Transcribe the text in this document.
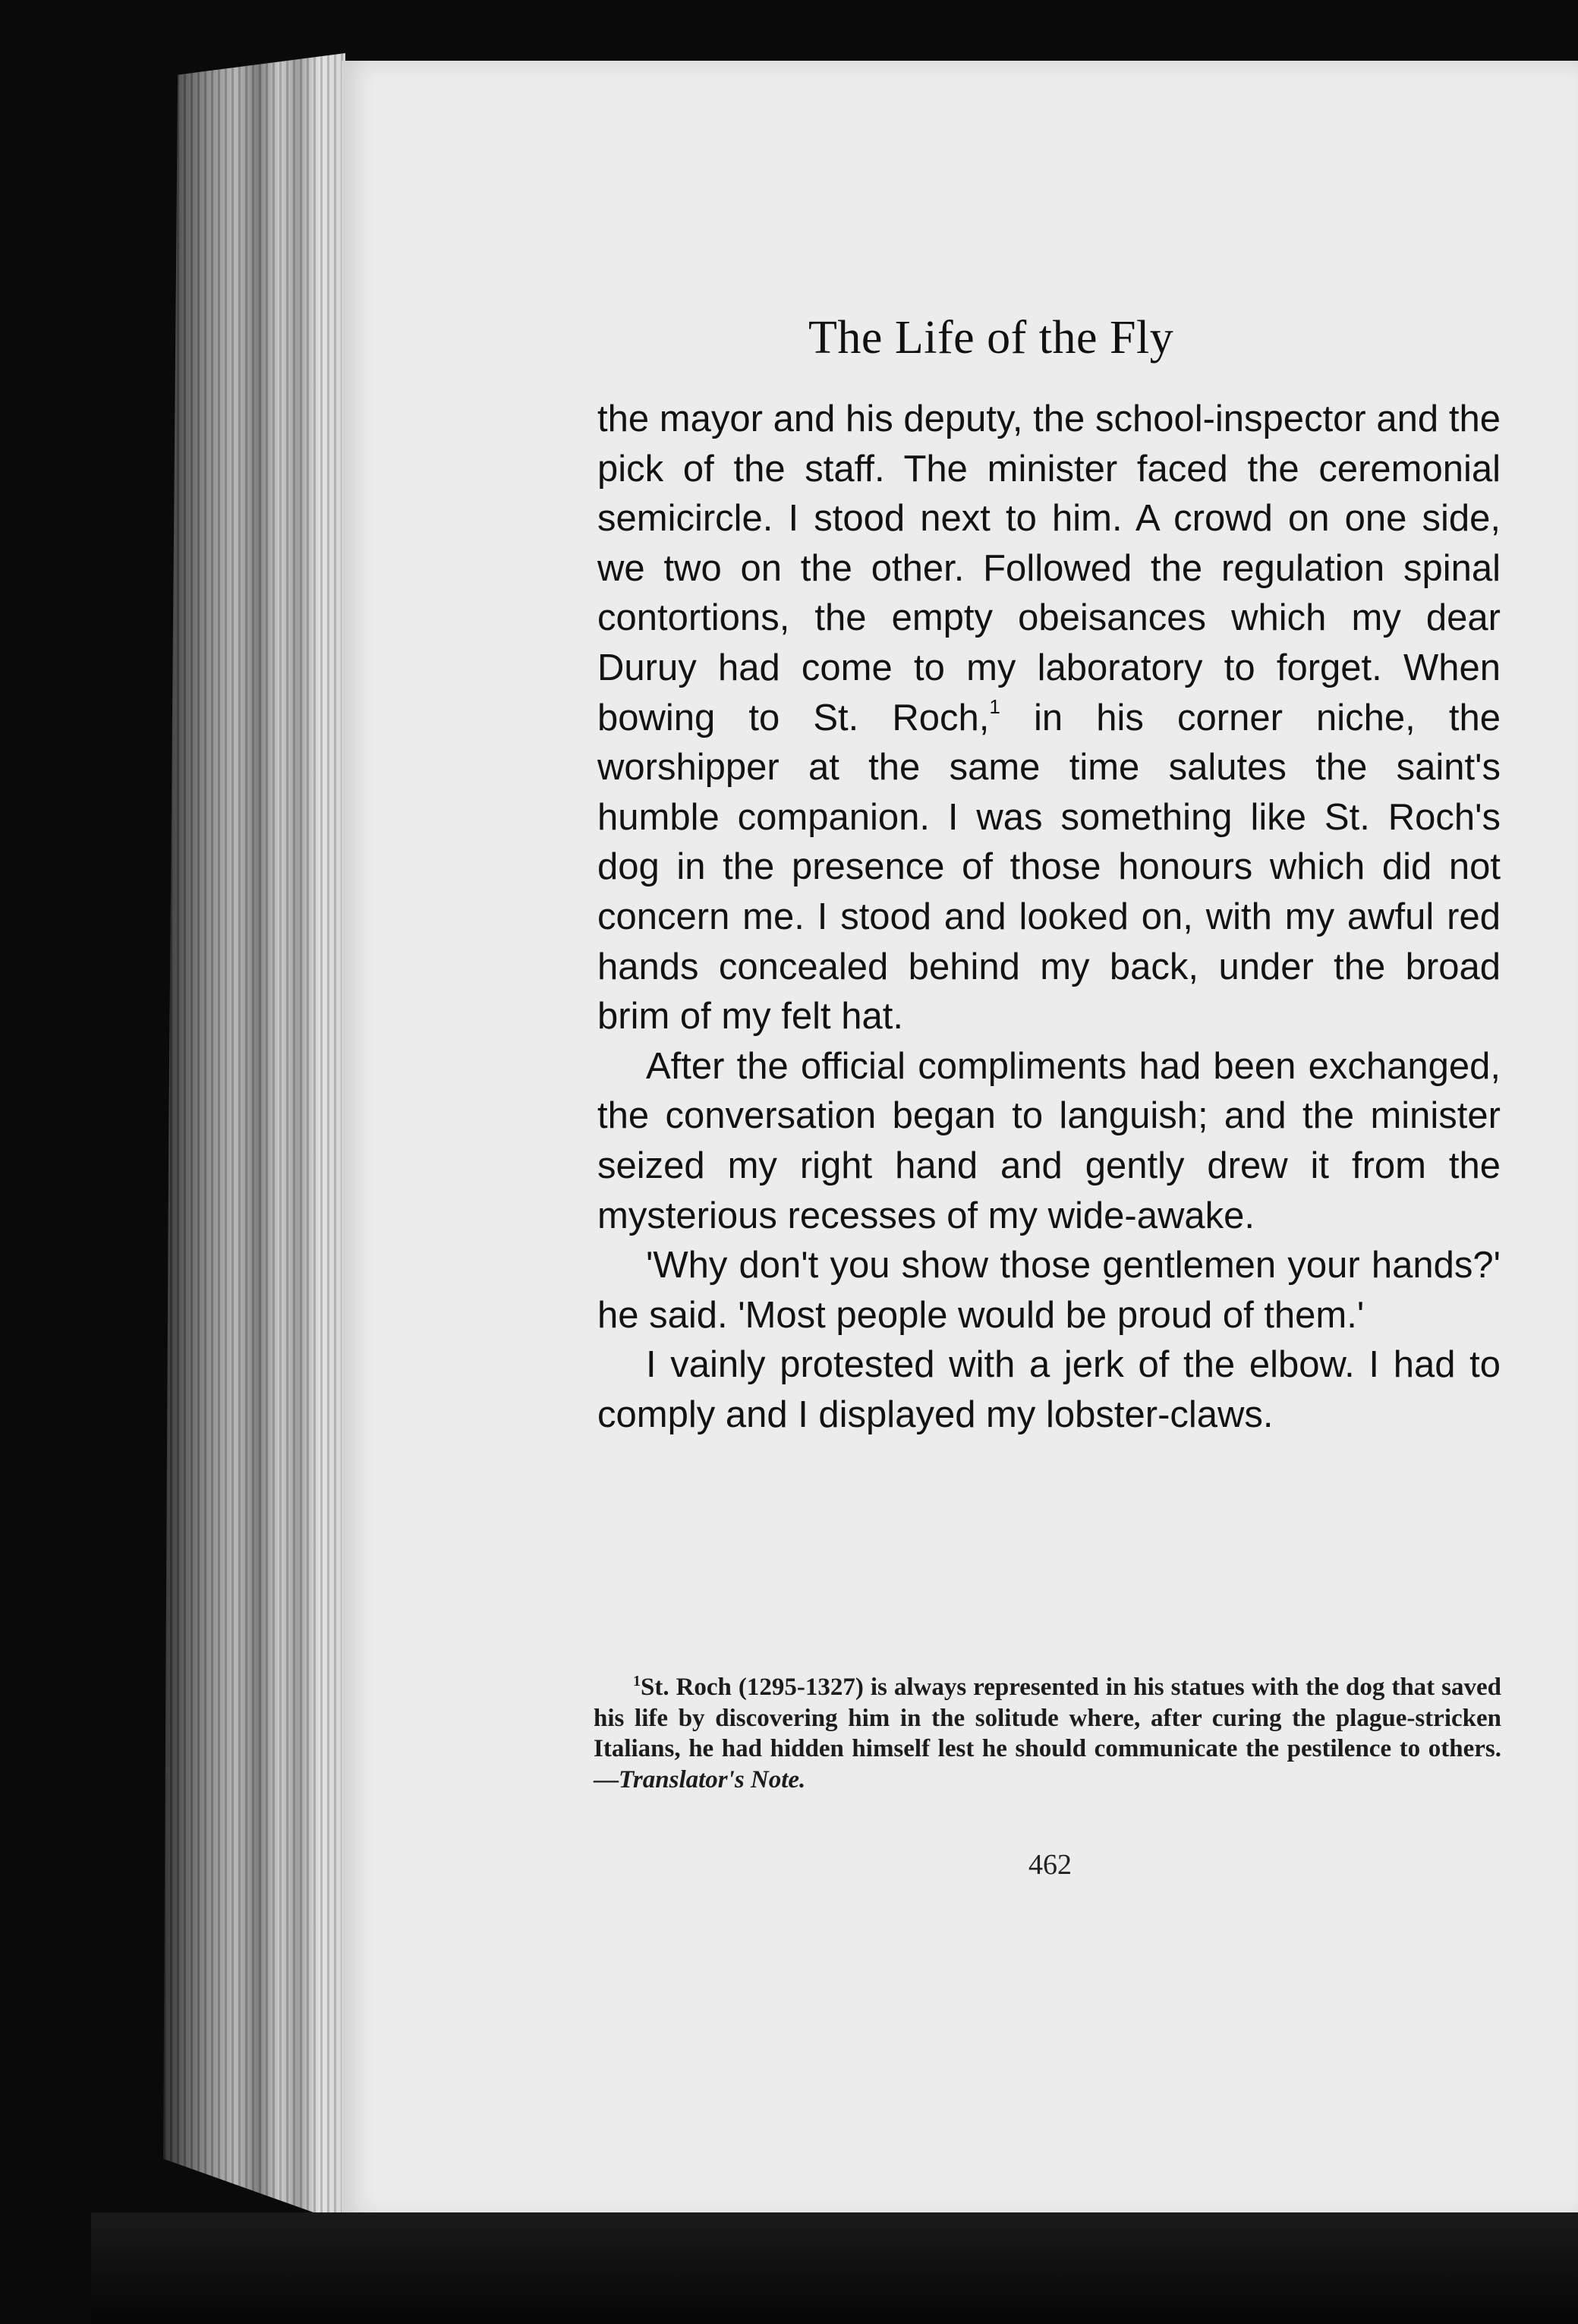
The Life of the Fly

the mayor and his deputy, the school-inspector and the pick of the staff. The minister faced the ceremonial semicircle. I stood next to him. A crowd on one side, we two on the other. Followed the regulation spinal contortions, the empty obeisances which my dear Duruy had come to my laboratory to forget. When bowing to St. Roch,$^1$ in his corner niche, the worshipper at the same time salutes the saint's humble companion. I was something like St. Roch's dog in the presence of those honours which did not concern me. I stood and looked on, with my awful red hands concealed behind my back, under the broad brim of my felt hat.

After the official compliments had been exchanged, the conversation began to languish; and the minister seized my right hand and gently drew it from the mysterious recesses of my wide-awake.

'Why don't you show those gentlemen your hands?' he said. 'Most people would be proud of them.'

I vainly protested with a jerk of the elbow. I had to comply and I displayed my lobster-claws.

$^1$St. Roch (1295-1327) is always represented in his statues with the dog that saved his life by discovering him in the solitude where, after curing the plague-stricken Italians, he had hidden himself lest he should communicate the pestilence to others.—Translator's Note.
462
